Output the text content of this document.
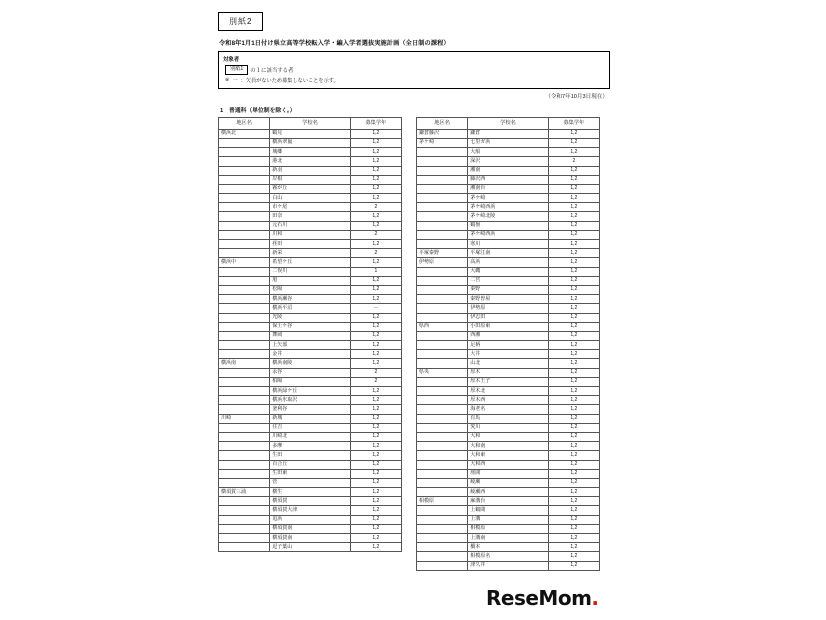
別紙2
令和8年1月1日付け県立高等学校転入学・編入学者選抜実施計画（全日制の課程）
対象者
別紙1	の１に該当する者
※ 一 ：欠員がないため募集しないことを示す。
（令和7年10月3日現在）
1　普通科（単位制を除く。）
地区名	学校名	募集学年
横浜北	鶴見	1,2
	横浜翠嵐	1,2
	城郷	1,2
	港北	1,2
	新羽	1,2
	岸根	1,2
	霧が丘	1,2
	白山	1,2
	市ケ尾	2
	田奈	1,2
	元石川	1,2
	川和	2
	荏田	1,2
	新栄	2
横浜中	希望ケ丘	1,2
	二俣川	1
	旭	1,2
	松陽	1,2
	横浜瀬谷	1,2
	横浜平沼	－
	光陵	1,2
	保土ケ谷	1,2
	舞岡	1,2
	上矢部	1,2
	金井	1,2
横浜南	横浜南陵	1,2
	永谷	2
	柏陽	2
	横浜緑ケ丘	1,2
	横浜氷取沢	1,2
	釜利谷	1,2
川崎	新城	1,2
	住吉	1,2
	川崎北	1,2
	多摩	1,2
	生田	1,2
	百合丘	1,2
	生田東	1,2
	菅	1,2
横須賀三浦	横生	1,2
	横須賀	1,2
	横須賀大津	1,2
	追浜	1,2
	横須賀南	1,2
	横須賀南	1,2
	逗子葉山	1,2
地区名	学校名	募集学年
鎌倉藤沢	鎌倉	1,2
茅ケ崎	七里ガ浜	1,2
	大船	1,2
	深沢	2
	湘南	1,2
	藤沢西	1,2
	湘南台	1,2
	茅ケ崎	1,2
	茅ケ崎西浜	1,2
	茅ケ崎北陵	1,2
	鶴嶺	1,2
	茅ケ崎西浜	1,2
	寒川	1,2
平塚秦野	平塚江南	1,2
伊勢原	高浜	1,2
	大磯	1,2
	二宮	1,2
	秦野	1,2
	秦野曽屋	1,2
	伊勢原	1,2
	伊志田	1,2
県西	小田原東	1,2
	西湘	1,2
	足柄	1,2
	大井	1,2
	山北	1,2
県央	厚木	1,2
	厚木王子	1,2
	厚木北	1,2
	厚木西	1,2
	海老名	1,2
	有馬	1,2
	愛川	1,2
	大和	1,2
	大和南	1,2
	大和東	1,2
	大和西	1,2
	座間	1,2
	綾瀬	1,2
	綾瀬西	1,2
相模原	麻溝台	1,2
	上鶴間	1,2
	上溝	1,2
	相模原	1,2
	上溝南	1,2
	橋本	1,2
	相模原名	1,2
	津久井	1,2
ReseMom.
